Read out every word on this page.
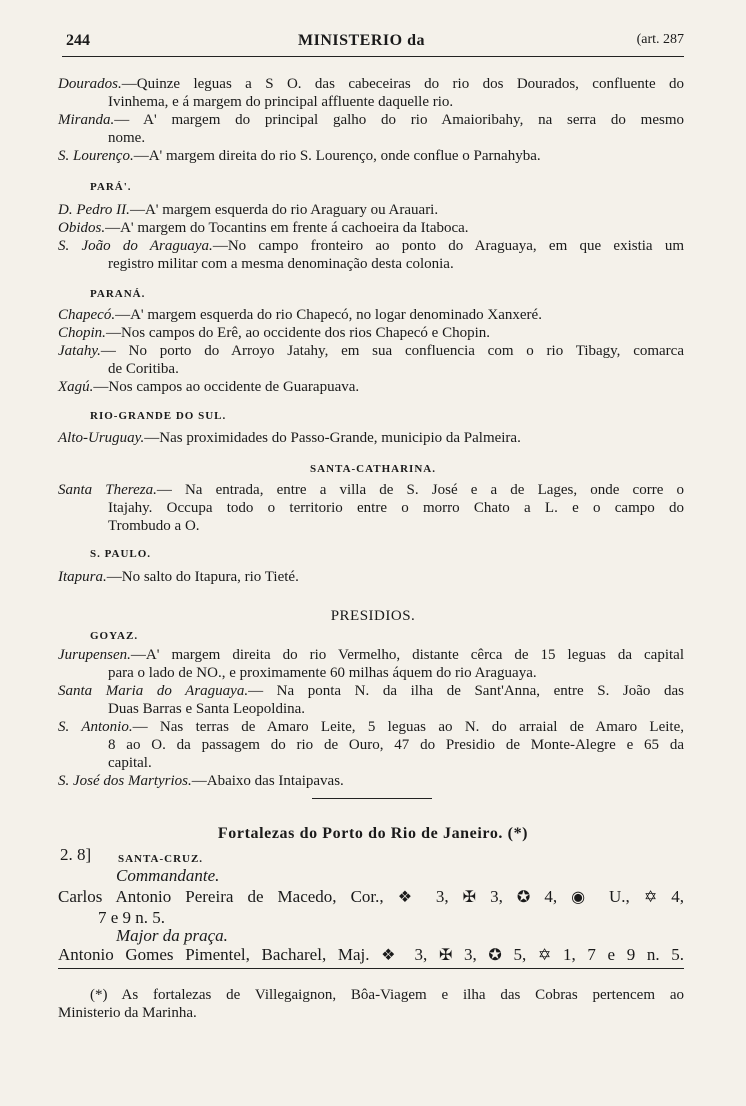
244	MINISTERIO da	(art. 287
Dourados.—Quinze leguas a S O. das cabeceiras do rio dos Dourados, confluente do
Ivinhema, e á margem do principal affluente daquelle rio.
Miranda.— A' margem do principal galho do rio Amaioribahy, na serra do mesmo
nome.
S. Lourenço.—A' margem direita do rio S. Lourenço, onde conflue o Parnahyba.
PARÁ'.
D. Pedro II.—A' margem esquerda do rio Araguary ou Arauari.
Obidos.—A' margem do Tocantins em frente á cachoeira da Itaboca.
S. João do Araguaya.—No campo fronteiro ao ponto do Araguaya, em que existia um
registro militar com a mesma denominação desta colonia.
PARANÁ.
Chapecó.—A' margem esquerda do rio Chapecó, no logar denominado Xanxeré.
Chopin.—Nos campos do Erê, ao occidente dos rios Chapecó e Chopin.
Jatahy.— No porto do Arroyo Jatahy, em sua confluencia com o rio Tibagy, comarca
de Coritiba.
Xagú.—Nos campos ao occidente de Guarapuava.
RIO-GRANDE DO SUL.
Alto-Uruguay.—Nas proximidades do Passo-Grande, municipio da Palmeira.
SANTA-CATHARINA.
Santa Thereza.— Na entrada, entre a villa de S. José e a de Lages, onde corre o
Itajahy. Occupa todo o territorio entre o morro Chato a L. e o campo do
Trombudo a O.
S. PAULO.
Itapura.—No salto do Itapura, rio Tieté.
PRESIDIOS.
GOYAZ.
Jurupensen.—A' margem direita do rio Vermelho, distante cêrca de 15 leguas da capital
para o lado de NO., e proximamente 60 milhas áquem do rio Araguaya.
Santa Maria do Araguaya.— Na ponta N. da ilha de Sant'Anna, entre S. João das
Duas Barras e Santa Leopoldina.
S. Antonio.— Nas terras de Amaro Leite, 5 leguas ao N. do arraial de Amaro Leite,
8 ao O. da passagem do rio de Ouro, 47 do Presidio de Monte-Alegre e 65 da
capital.
S. José dos Martyrios.—Abaixo das Intaipavas.
Fortalezas do Porto do Rio de Janeiro. (*)
2. 8] SANTA-CRUZ.
Commandante.
Carlos Antonio Pereira de Macedo, Cor., ❖ 3, ✠ 3, ✪ 4, ◉ U., ✡ 4,
7 e 9 n. 5.
Major da praça.
Antonio Gomes Pimentel, Bacharel, Maj. ❖ 3, ✠ 3, ✪ 5, ✡ 1, 7 e 9 n. 5.
(*) As fortalezas de Villegaignon, Bôa-Viagem e ilha das Cobras pertencem ao
Ministerio da Marinha.
